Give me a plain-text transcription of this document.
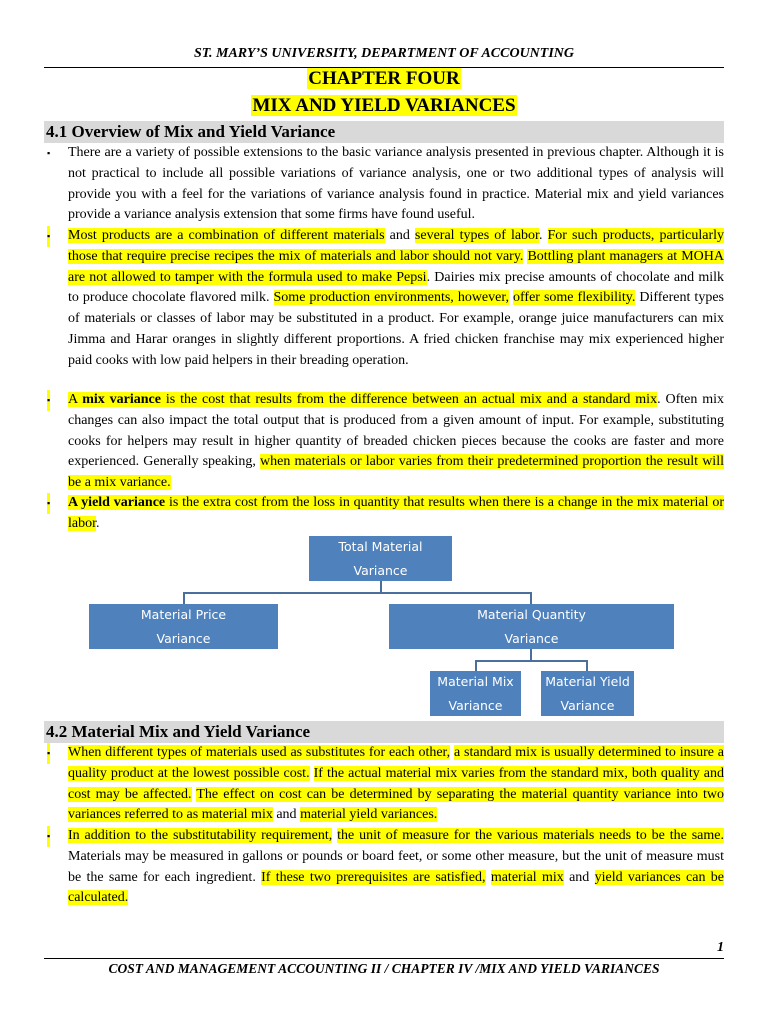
ST. MARY’S UNIVERSITY, DEPARTMENT OF ACCOUNTING
CHAPTER FOUR
MIX AND YIELD VARIANCES
4.1 Overview of Mix and Yield Variance
▪ There are a variety of possible extensions to the basic variance analysis presented in previous chapter. Although it is not practical to include all possible variations of variance analysis, one or two additional types of analysis will provide you with a feel for the variations of variance analysis found in practice. Material mix and yield variances provide a variance analysis extension that some firms have found useful.
▪ Most products are a combination of different materials and several types of labor. For such products, particularly those that require precise recipes the mix of materials and labor should not vary. Bottling plant managers at MOHA are not allowed to tamper with the formula used to make Pepsi. Dairies mix precise amounts of chocolate and milk to produce chocolate flavored milk. Some production environments, however, offer some flexibility. Different types of materials or classes of labor may be substituted in a product. For example, orange juice manufacturers can mix Jimma and Harar oranges in slightly different proportions. A fried chicken franchise may mix experienced higher paid cooks with low paid helpers in their breading operation.
▪ A mix variance is the cost that results from the difference between an actual mix and a standard mix. Often mix changes can also impact the total output that is produced from a given amount of input. For example, substituting cooks for helpers may result in higher quantity of breaded chicken pieces because the cooks are faster and more experienced. Generally speaking, when materials or labor varies from their predetermined proportion the result will be a mix variance.
▪ A yield variance is the extra cost from the loss in quantity that results when there is a change in the mix material or labor.
Total Material
Variance
Material Price
Variance
Material Quantity
Variance
Material Mix
Variance
Material Yield
Variance
4.2 Material Mix and Yield Variance
▪ When different types of materials used as substitutes for each other, a standard mix is usually determined to insure a quality product at the lowest possible cost. If the actual material mix varies from the standard mix, both quality and cost may be affected. The effect on cost can be determined by separating the material quantity variance into two variances referred to as material mix and material yield variances.
▪ In addition to the substitutability requirement, the unit of measure for the various materials needs to be the same. Materials may be measured in gallons or pounds or board feet, or some other measure, but the unit of measure must be the same for each ingredient. If these two prerequisites are satisfied, material mix and yield variances can be calculated.
1
COST AND MANAGEMENT ACCOUNTING II / CHAPTER IV /MIX AND YIELD VARIANCES
